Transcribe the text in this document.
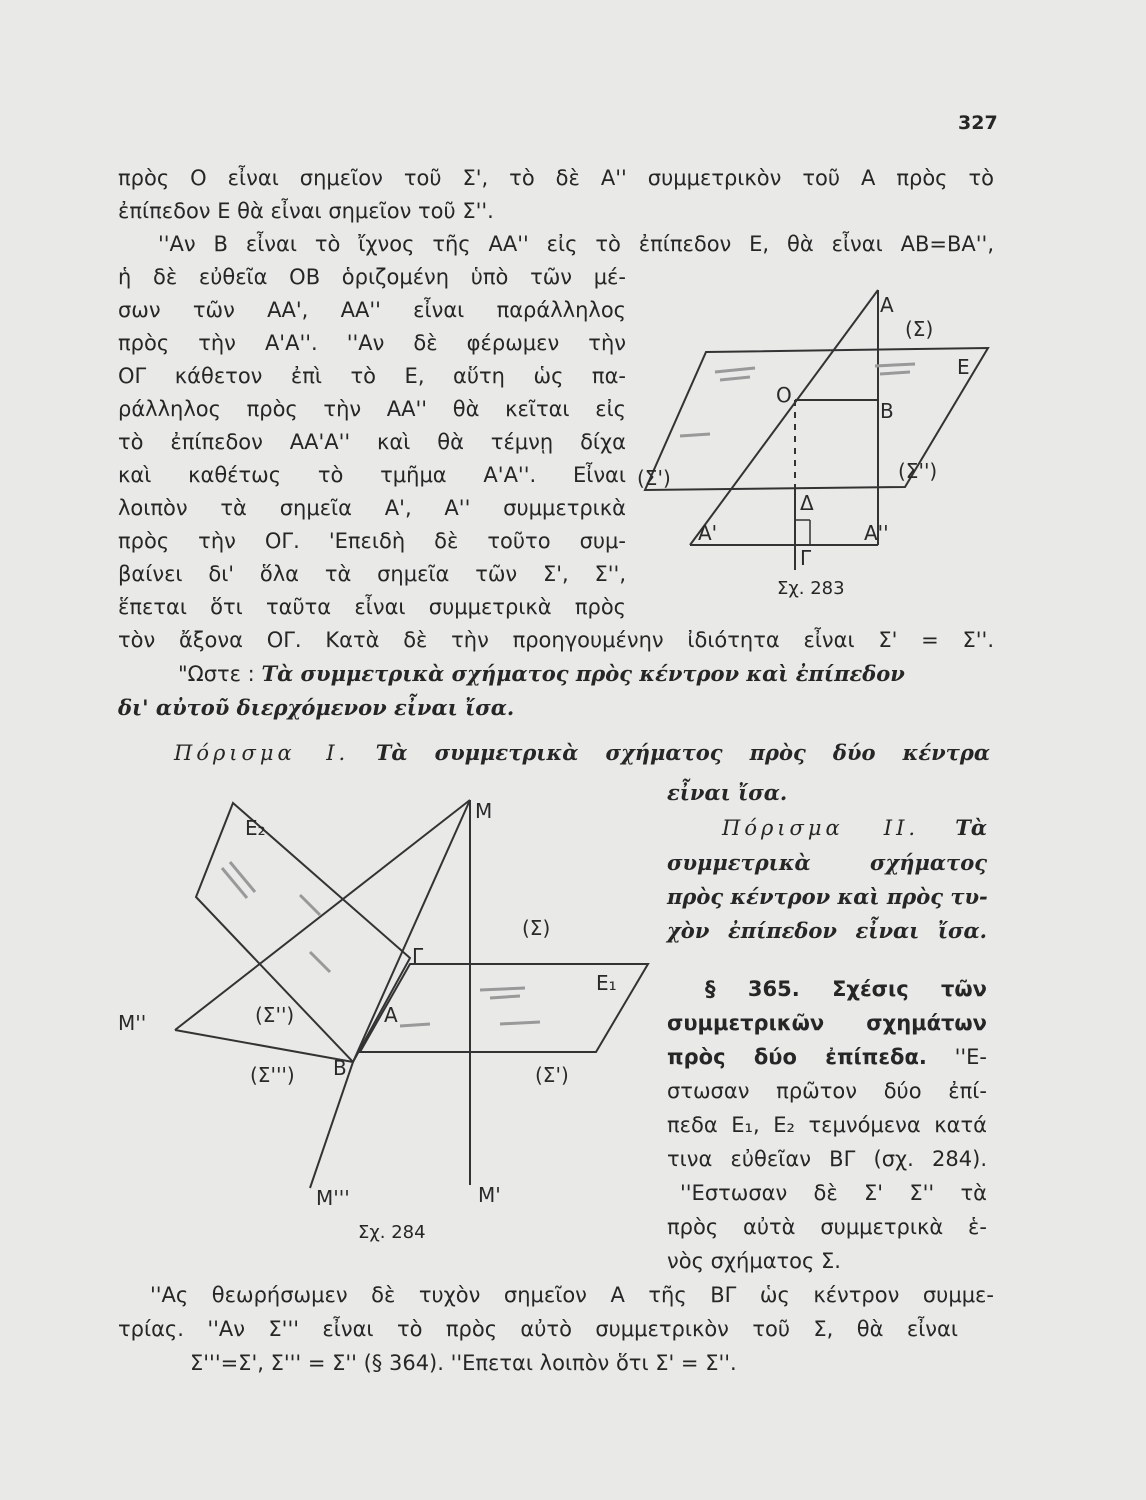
327
πρὸς Ο εἶναι σημεῖον τοῦ Σ', τὸ δὲ Α'' συμμετρικὸν τοῦ Α πρὸς τὸ
ἐπίπεδον Ε θὰ εἶναι σημεῖον τοῦ Σ''.
''Αν Β εἶναι τὸ ἴχνος τῆς ΑΑ'' εἰς τὸ ἐπίπεδον Ε, θὰ εἶναι ΑΒ=ΒΑ'',
ἡ δὲ εὐθεῖα ΟΒ ὁριζομένη ὑπὸ τῶν μέ-
σων τῶν ΑΑ', ΑΑ'' εἶναι παράλληλος
πρὸς τὴν Α'Α''. ''Αν δὲ φέρωμεν τὴν
ΟΓ κάθετον ἐπὶ τὸ Ε, αὕτη ὡς πα-
ράλληλος πρὸς τὴν ΑΑ'' θὰ κεῖται εἰς
τὸ ἐπίπεδον ΑΑ'Α'' καὶ θὰ τέμνῃ δίχα
καὶ καθέτως τὸ τμῆμα Α'Α''. Εἶναι
λοιπὸν τὰ σημεῖα Α', Α'' συμμετρικὰ
πρὸς τὴν ΟΓ. 'Επειδὴ δὲ τοῦτο συμ-
βαίνει δι' ὅλα τὰ σημεῖα τῶν Σ', Σ'',
ἕπεται ὅτι ταῦτα εἶναι συμμετρικὰ πρὸς
τὸν ἄξονα ΟΓ. Κατὰ δὲ τὴν προηγουμένην ἰδιότητα εἶναι Σ' = Σ''.
"Ωστε : Τὰ συμμετρικὰ σχήματος πρὸς κέντρον καὶ ἐπίπεδον
δι' αὐτοῦ διερχόμενον εἶναι ἴσα.
Πόρισμα Ι. Τὰ συμμετρικὰ σχήματος πρὸς δύο κέντρα
εἶναι ἴσα.
Πόρισμα ΙΙ. Τὰ
συμμετρικὰ σχήματος
πρὸς κέντρον καὶ πρὸς τυ-
χὸν ἐπίπεδον εἶναι ἴσα.
§ 365. Σχέσις τῶν
συμμετρικῶν σχημάτων
πρὸς δύο ἐπίπεδα. ''Ε-
στωσαν πρῶτον δύο ἐπί-
πεδα Ε₁, Ε₂ τεμνόμενα κατά
τινα εὐθεῖαν ΒΓ (σχ. 284).
''Εστωσαν δὲ Σ' Σ'' τὰ
πρὸς αὐτὰ συμμετρικὰ ἑ-
νὸς σχήματος Σ.
''Ας θεωρήσωμεν δὲ τυχὸν σημεῖον Α τῆς ΒΓ ὡς κέντρον συμμε-
τρίας. ''Αν Σ''' εἶναι τὸ πρὸς αὐτὸ συμμετρικὸν τοῦ Σ, θὰ εἶναι
Σ'''=Σ', Σ''' = Σ'' (§ 364). ''Επεται λοιπὸν ὅτι Σ' = Σ''.
Α
(Σ)
Ε
Ο
Β
(Σ')	(Σ'')
Δ
Α'	Α''
Γ
Σχ. 283
Μ
Ε₂
(Σ)
Γ
Ε₁
Μ''	(Σ'')	Α
(Σ''') Β	(Σ')
Μ'''	Μ'
Σχ. 284
